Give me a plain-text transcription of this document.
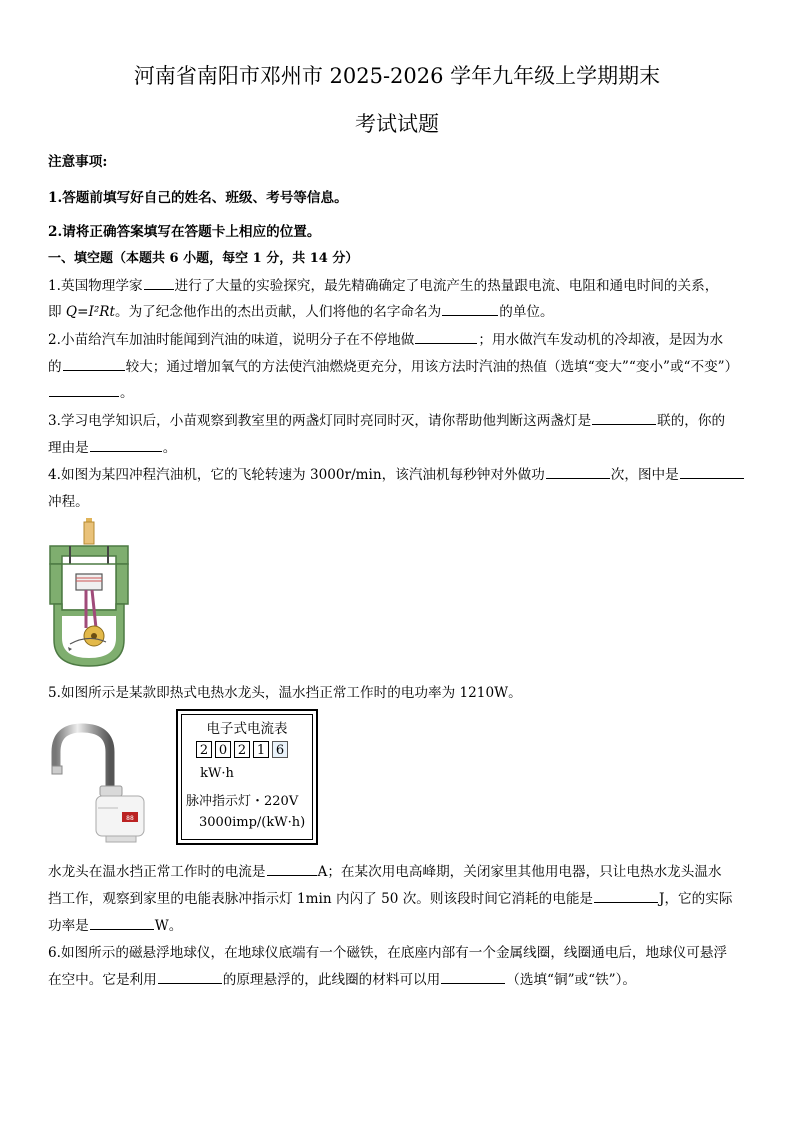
河南省南阳市邓州市 2025-2026 学年九年级上学期期末
考试试题
注意事项:
1.答题前填写好自己的姓名、班级、考号等信息。
2.请将正确答案填写在答题卡上相应的位置。
一、填空题（本题共 6 小题，每空 1 分，共 14 分）
1.英国物理学家 进行了大量的实验探究，最先精确确定了电流产生的热量跟电流、电阻和通电时间的关系，
即 Q=I²Rt。为了纪念他作出的杰出贡献，人们将他的名字命名为	的单位。
2.小苗给汽车加油时能闻到汽油的味道，说明分子在不停地做	；用水做汽车发动机的冷却液，是因为水
的	较大；通过增加氧气的方法使汽油燃烧更充分，用该方法时汽油的热值（选填“变大”“变小”或“不变”）
。
3.学习电学知识后，小苗观察到教室里的两盏灯同时亮同时灭，请你帮助他判断这两盏灯是	联的，你的
理由是	。
4.如图为某四冲程汽油机，它的飞轮转速为 3000r/min，该汽油机每秒钟对外做功	次，图中是
冲程。
5.如图所示是某款即热式电热水龙头，温水挡正常工作时的电功率为 1210W。
88
电子式电流表
2 0 2 1 6
kW·h
脉冲指示灯・220V
3000imp/(kW·h)
水龙头在温水挡正常工作时的电流是	A；在某次用电高峰期，关闭家里其他用电器，只让电热水龙头温水
挡工作，观察到家里的电能表脉冲指示灯 1min 内闪了 50 次。则该段时间它消耗的电能是	J，它的实际
功率是	W。
6.如图所示的磁悬浮地球仪，在地球仪底端有一个磁铁，在底座内部有一个金属线圈，线圈通电后，地球仪可悬浮
在空中。它是利用	的原理悬浮的，此线圈的材料可以用	（选填“铜”或“铁”）。
